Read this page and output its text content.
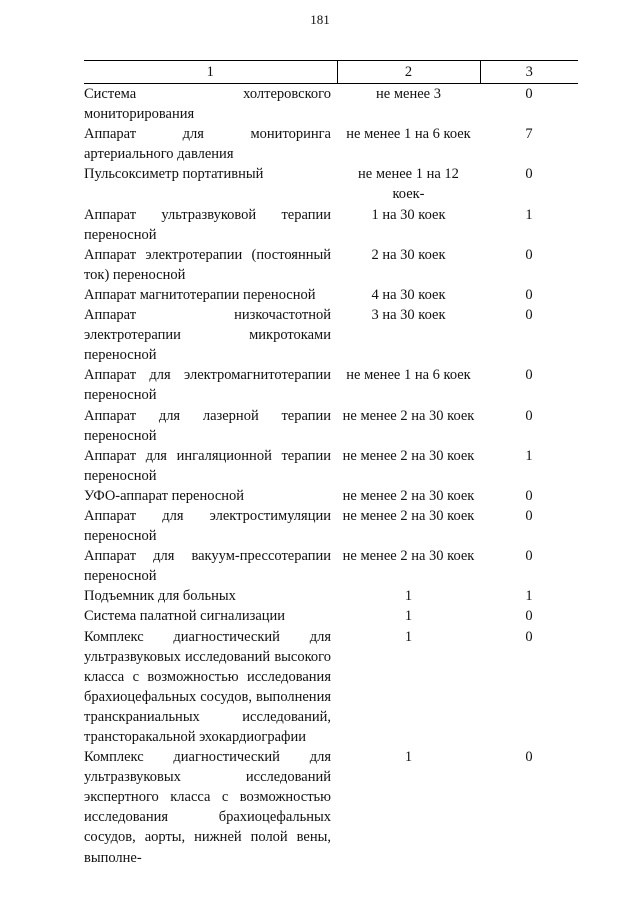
181
1	2	3
Система холтеровского мониторирования	не менее 3	0
Аппарат для мониторинга артериального давления	не менее 1 на 6 коек	7
Пульсоксиметр портативный	не менее 1 на 12 коек-	0
Аппарат ультразвуковой терапии переносной	1 на 30 коек	1
Аппарат электротерапии (постоянный ток) переносной	2 на 30 коек	0
Аппарат магнитотерапии переносной	4 на 30 коек	0
Аппарат низкочастотной электротерапии микротоками переносной	3 на 30 коек	0
Аппарат для электромагнитотерапии переносной	не менее 1 на 6 коек	0
Аппарат для лазерной терапии переносной	не менее 2 на 30 коек	0
Аппарат для ингаляционной терапии переносной	не менее 2 на 30 коек	1
УФО-аппарат переносной	не менее 2 на 30 коек	0
Аппарат для электростимуляции переносной	не менее 2 на 30 коек	0
Аппарат для вакуум-прессотерапии переносной	не менее 2 на 30 коек	0
Подъемник для больных	1	1
Система палатной сигнализации	1	0
Комплекс диагностический для ультразвуковых исследований высокого класса с возможностью исследования брахиоцефальных сосудов, выполнения транскраниальных исследований, трансторакальной эхокардиографии	1	0
Комплекс диагностический для ультразвуковых исследований экспертного класса с возможностью исследования брахиоцефальных сосудов, аорты, нижней полой вены, выполне-	1	0
